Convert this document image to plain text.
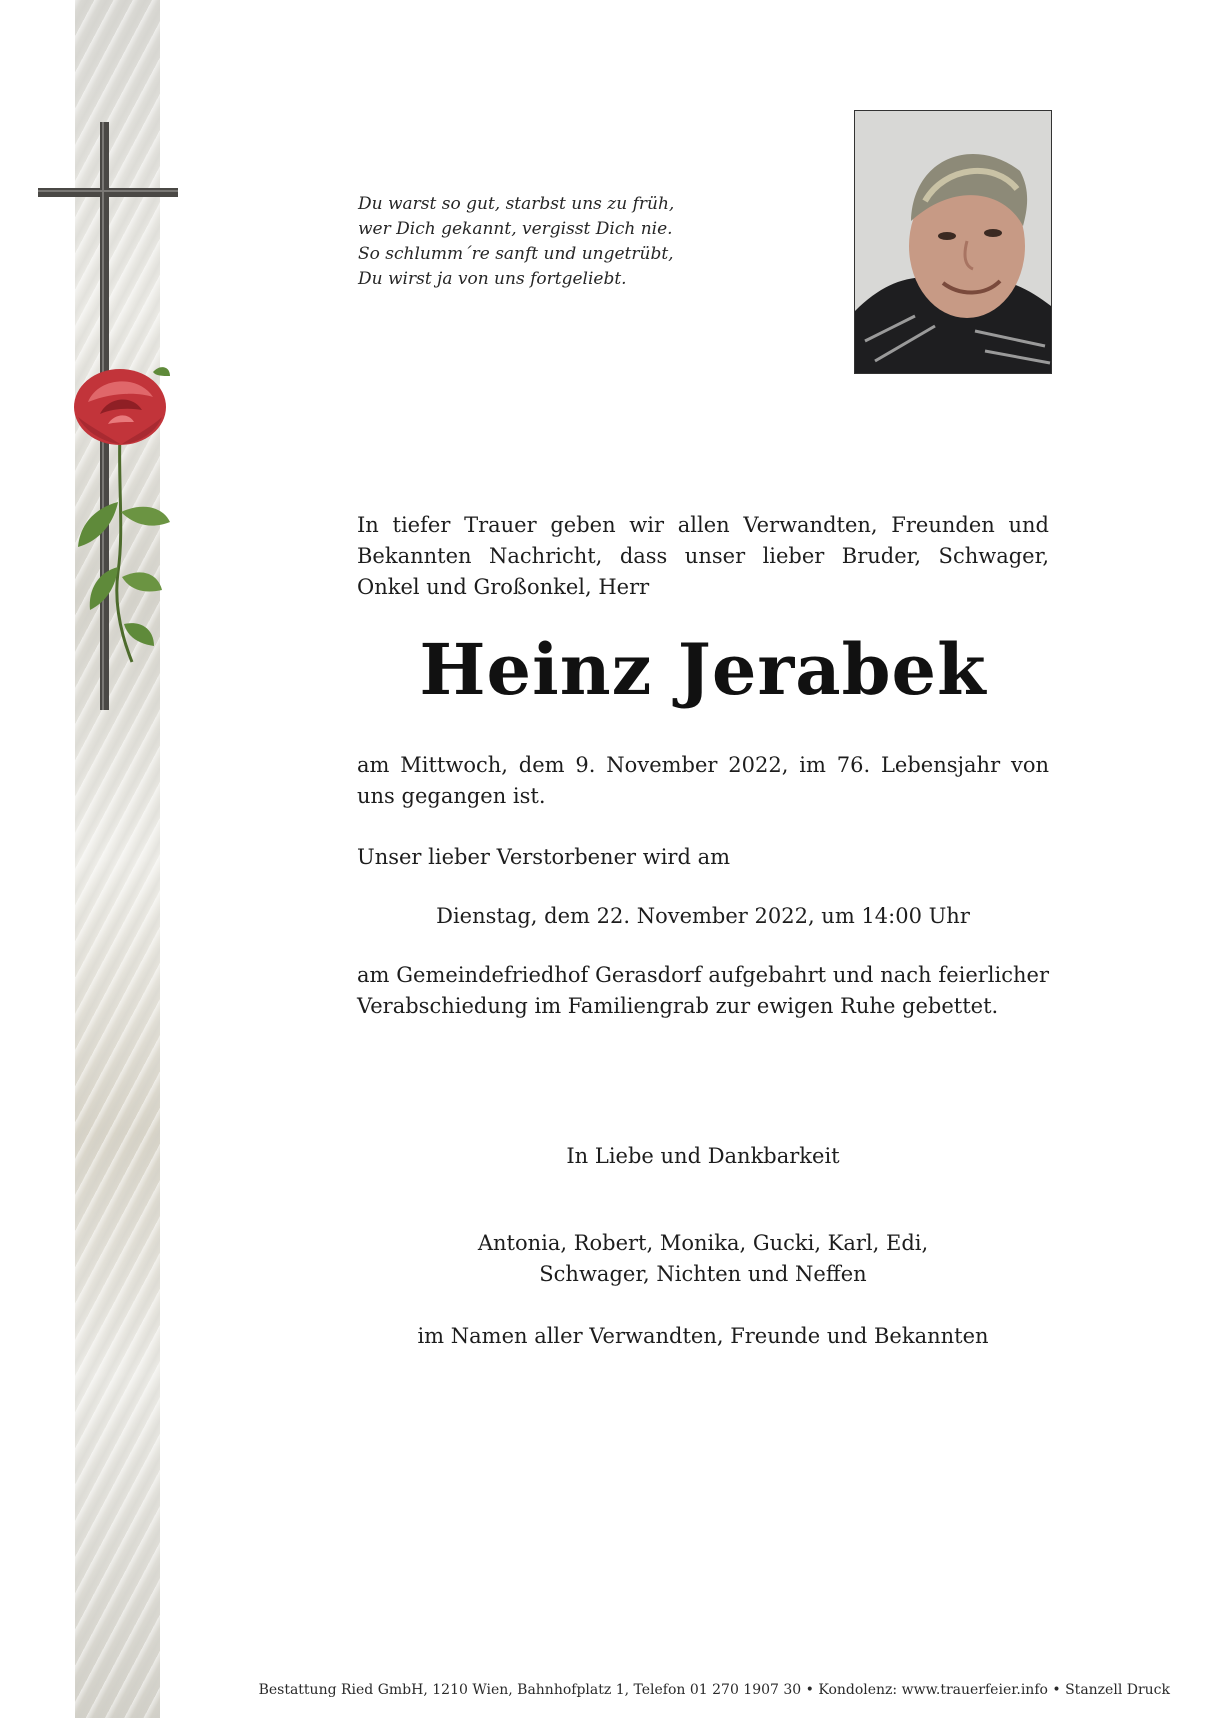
Du warst so gut, starbst uns zu früh,
wer Dich gekannt, vergisst Dich nie.
So schlumm´re sanft und ungetrübt,
Du wirst ja von uns fortgeliebt.
In tiefer Trauer geben wir allen Verwandten, Freunden und Bekannten Nachricht, dass unser lieber Bruder, Schwager, Onkel und Großonkel, Herr
Heinz Jerabek
am Mittwoch, dem 9. November 2022, im 76. Lebensjahr von uns gegangen ist.
Unser lieber Verstorbener wird am
Dienstag, dem 22. November 2022, um 14:00 Uhr
am Gemeindefriedhof Gerasdorf aufgebahrt und nach feierlicher Verabschiedung im Familiengrab zur ewigen Ruhe gebettet.
In Liebe und Dankbarkeit
Antonia, Robert, Monika, Gucki, Karl, Edi,
Schwager, Nichten und Neffen
im Namen aller Verwandten, Freunde und Bekannten
Bestattung Ried GmbH, 1210 Wien, Bahnhofplatz 1, Telefon 01 270 1907 30 • Kondolenz: www.trauerfeier.info • Stanzell Druck
